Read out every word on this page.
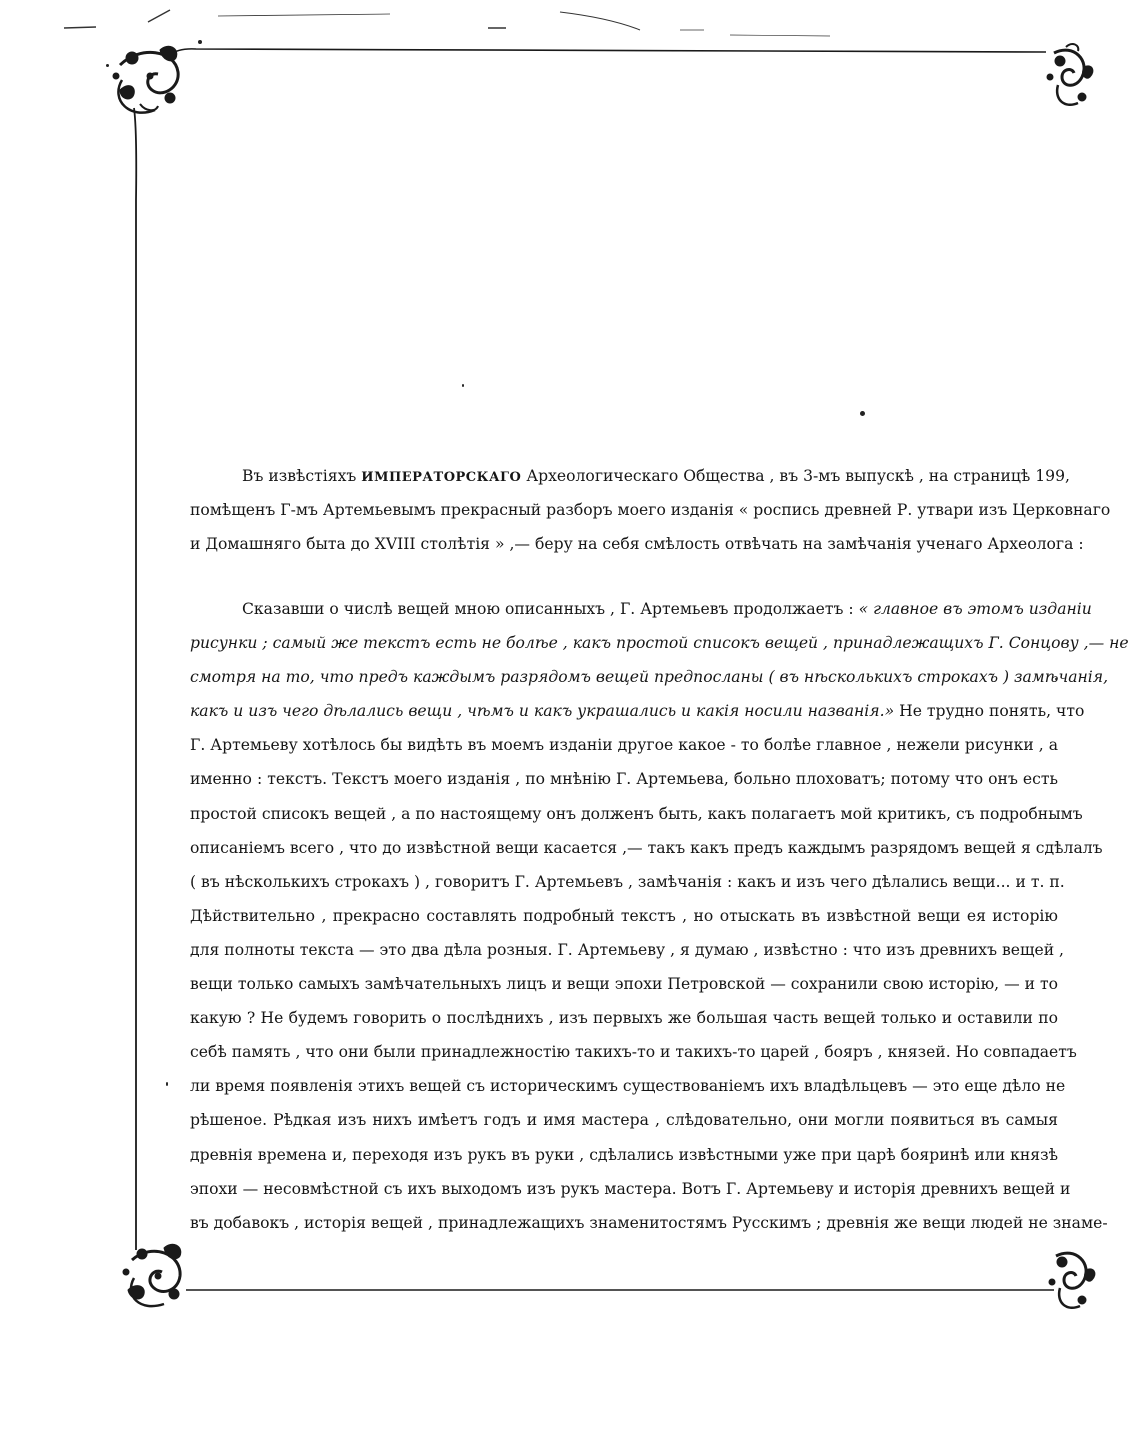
Въ извѣстіяхъ ИМПЕРАТОРСКАГО Археологическаго Общества , въ 3-мъ выпускѣ , на страницѣ 199,
помѣщенъ Г-мъ Артемьевымъ прекрасный разборъ моего изданія « роспись древней Р. утвари изъ Церковнаго
и Домашняго быта до XVIII столѣтія » ,— беру на себя смѣлость отвѣчать на замѣчанія ученаго Археолога :
Сказавши о числѣ вещей мною описанныхъ , Г. Артемьевъ продолжаетъ : « главное въ этомъ изданіи
рисунки ; самый же текстъ есть не болѣе , какъ простой списокъ вещей , принадлежащихъ Г. Сонцову ,— не
смотря на то, что предъ каждымъ разрядомъ вещей предпосланы ( въ нѣсколькихъ строкахъ ) замѣчанія,
какъ и изъ чего дѣлались вещи , чѣмъ и какъ украшались и какія носили названія.» Не трудно понять, что
Г. Артемьеву хотѣлось бы видѣть въ моемъ изданіи другое какое - то болѣе главное , нежели рисунки , а
именно : текстъ. Текстъ моего изданія , по мнѣнію Г. Артемьева, больно плоховатъ; потому что онъ есть
простой списокъ вещей , а по настоящему онъ долженъ быть, какъ полагаетъ мой критикъ, съ подробнымъ
описаніемъ всего , что до извѣстной вещи касается ,— такъ какъ предъ каждымъ разрядомъ вещей я сдѣлалъ
( въ нѣсколькихъ строкахъ ) , говоритъ Г. Артемьевъ , замѣчанія : какъ и изъ чего дѣлались вещи... и т. п.
Дѣйствительно , прекрасно составлять подробный текстъ , но отыскать въ извѣстной вещи ея исторію
для полноты текста — это два дѣла розныя. Г. Артемьеву , я думаю , извѣстно : что изъ древнихъ вещей ,
вещи только самыхъ замѣчательныхъ лицъ и вещи эпохи Петровской — сохранили свою исторію, — и то
какую ? Не будемъ говорить о послѣднихъ , изъ первыхъ же большая часть вещей только и оставили по
себѣ память , что они были принадлежностію такихъ-то и такихъ-то царей , бояръ , князей. Но совпадаетъ
ли время появленія этихъ вещей съ историческимъ существованіемъ ихъ владѣльцевъ — это еще дѣло не
рѣшеное. Рѣдкая изъ нихъ имѣетъ годъ и имя мастера , слѣдовательно, они могли появиться въ самыя
древнія времена и, переходя изъ рукъ въ руки , сдѣлались извѣстными уже при царѣ бояринѣ или князѣ
эпохи — несовмѣстной съ ихъ выходомъ изъ рукъ мастера. Вотъ Г. Артемьеву и исторія древнихъ вещей и
въ добавокъ , исторія вещей , принадлежащихъ знаменитостямъ Русскимъ ; древнія же вещи людей не знаме-
